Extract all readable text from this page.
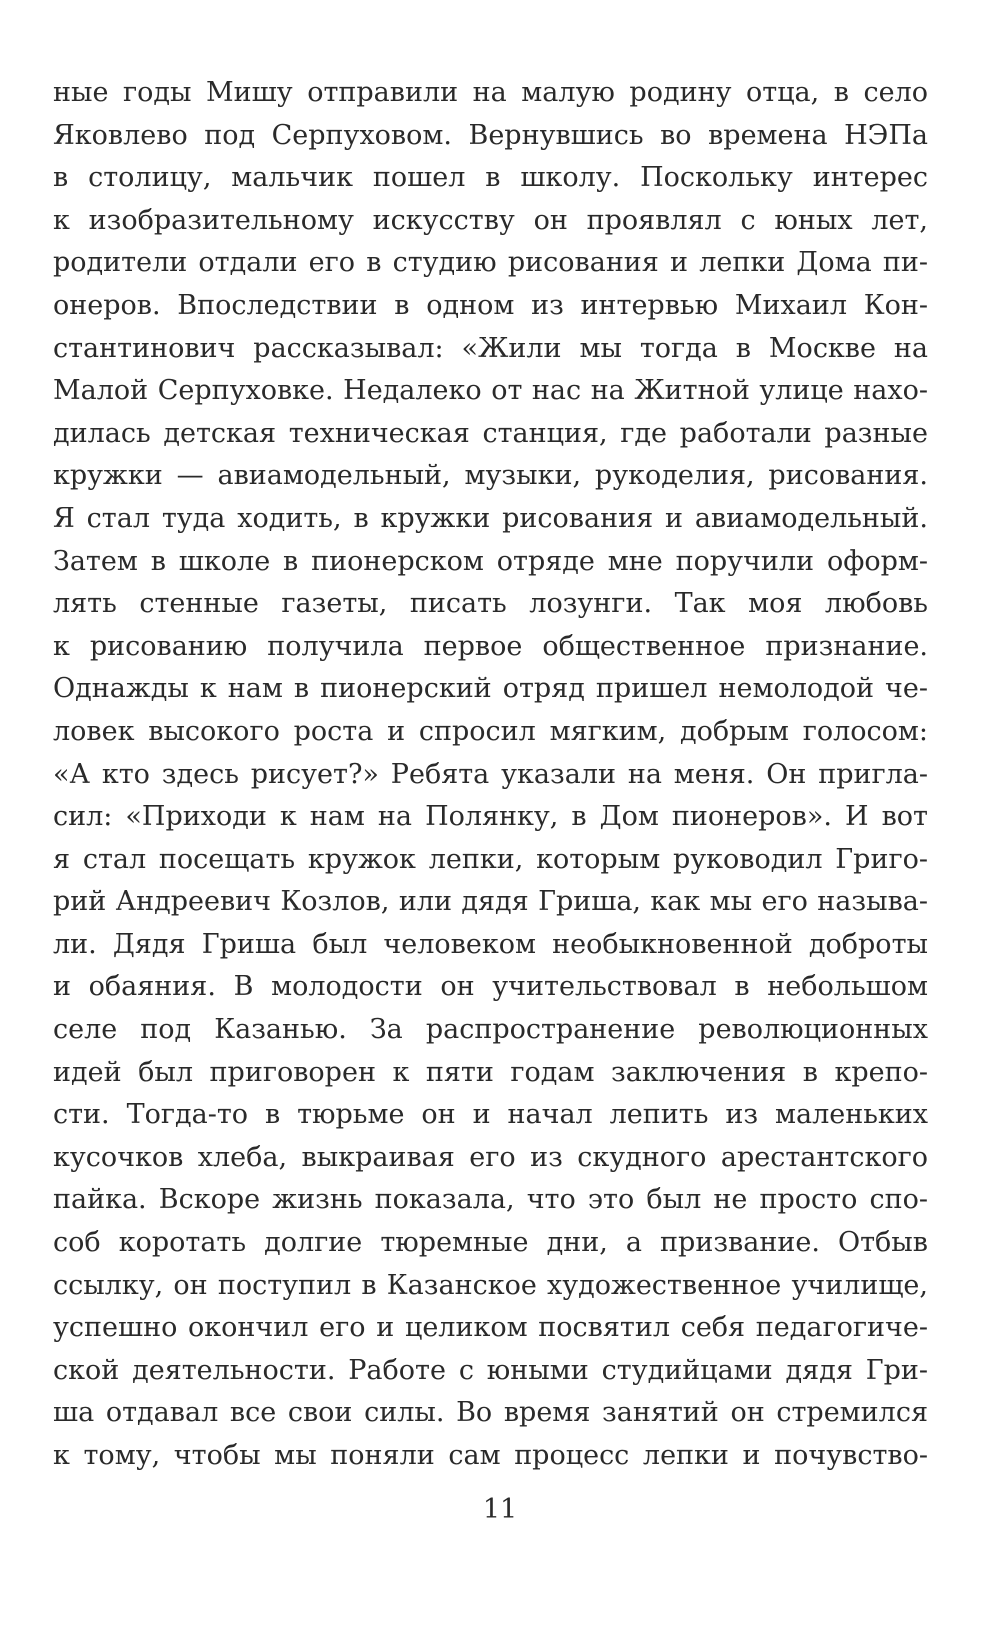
ные годы Мишу отправили на малую родину отца, в село
Яковлево под Серпуховом. Вернувшись во времена НЭПа
в столицу, мальчик пошел в школу. Поскольку интерес
к изобразительному искусству он проявлял с юных лет,
родители отдали его в студию рисования и лепки Дома пи-
онеров. Впоследствии в одном из интервью Михаил Кон-
стантинович рассказывал: «Жили мы тогда в Москве на
Малой Серпуховке. Недалеко от нас на Житной улице нахо-
дилась детская техническая станция, где работали разные
кружки — авиамодельный, музыки, рукоделия, рисования.
Я стал туда ходить, в кружки рисования и авиамодельный.
Затем в школе в пионерском отряде мне поручили оформ-
лять стенные газеты, писать лозунги. Так моя любовь
к рисованию получила первое общественное признание.
Однажды к нам в пионерский отряд пришел немолодой че-
ловек высокого роста и спросил мягким, добрым голосом:
«А кто здесь рисует?» Ребята указали на меня. Он пригла-
сил: «Приходи к нам на Полянку, в Дом пионеров». И вот
я стал посещать кружок лепки, которым руководил Григо-
рий Андреевич Козлов, или дядя Гриша, как мы его называ-
ли. Дядя Гриша был человеком необыкновенной доброты
и обаяния. В молодости он учительствовал в небольшом
селе под Казанью. За распространение революционных
идей был приговорен к пяти годам заключения в крепо-
сти. Тогда-то в тюрьме он и начал лепить из маленьких
кусочков хлеба, выкраивая его из скудного арестантского
пайка. Вскоре жизнь показала, что это был не просто спо-
соб коротать долгие тюремные дни, а призвание. Отбыв
ссылку, он поступил в Казанское художественное училище,
успешно окончил его и целиком посвятил себя педагогиче-
ской деятельности. Работе с юными студийцами дядя Гри-
ша отдавал все свои силы. Во время занятий он стремился
к тому, чтобы мы поняли сам процесс лепки и почувство-
11
